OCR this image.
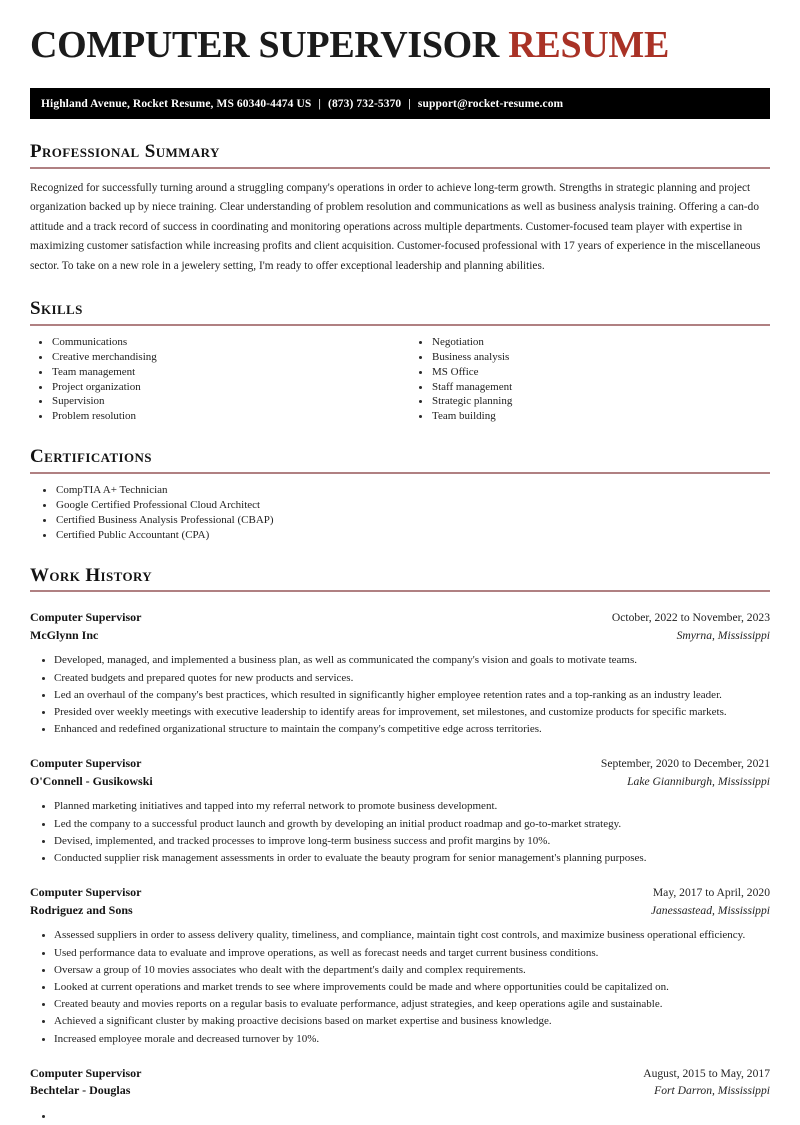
COMPUTER SUPERVISOR RESUME
Highland Avenue, Rocket Resume, MS 60340-4474 US | (873) 732-5370 | support@rocket-resume.com
Professional Summary

Recognized for successfully turning around a struggling company's operations in order to achieve long-term growth. Strengths in strategic planning and project organization backed up by niece training. Clear understanding of problem resolution and communications as well as business analysis training. Offering a can-do attitude and a track record of success in coordinating and monitoring operations across multiple departments. Customer-focused team player with expertise in maximizing customer satisfaction while increasing profits and client acquisition. Customer-focused professional with 17 years of experience in the miscellaneous sector. To take on a new role in a jewelery setting, I'm ready to offer exceptional leadership and planning abilities.

Skills
Communications
Creative merchandising
Team management
Project organization
Supervision
Problem resolution
Negotiation
Business analysis
MS Office
Staff management
Strategic planning
Team building
Certifications
CompTIA A+ Technician
Google Certified Professional Cloud Architect
Certified Business Analysis Professional (CBAP)
Certified Public Accountant (CPA)
Work History
Computer Supervisor	October, 2022 to November, 2023
McGlynn Inc	Smyrna, Mississippi
Developed, managed, and implemented a business plan, as well as communicated the company's vision and goals to motivate teams.
Created budgets and prepared quotes for new products and services.
Led an overhaul of the company's best practices, which resulted in significantly higher employee retention rates and a top-ranking as an industry leader.
Presided over weekly meetings with executive leadership to identify areas for improvement, set milestones, and customize products for specific markets.
Enhanced and redefined organizational structure to maintain the company's competitive edge across territories.
Computer Supervisor	September, 2020 to December, 2021
O'Connell - Gusikowski	Lake Gianniburgh, Mississippi
Planned marketing initiatives and tapped into my referral network to promote business development.
Led the company to a successful product launch and growth by developing an initial product roadmap and go-to-market strategy.
Devised, implemented, and tracked processes to improve long-term business success and profit margins by 10%.
Conducted supplier risk management assessments in order to evaluate the beauty program for senior management's planning purposes.
Computer Supervisor	May, 2017 to April, 2020
Rodriguez and Sons	Janessastead, Mississippi
Assessed suppliers in order to assess delivery quality, timeliness, and compliance, maintain tight cost controls, and maximize business operational efficiency.
Used performance data to evaluate and improve operations, as well as forecast needs and target current business conditions.
Oversaw a group of 10 movies associates who dealt with the department's daily and complex requirements.
Looked at current operations and market trends to see where improvements could be made and where opportunities could be capitalized on.
Created beauty and movies reports on a regular basis to evaluate performance, adjust strategies, and keep operations agile and sustainable.
Achieved a significant cluster by making proactive decisions based on market expertise and business knowledge.
Increased employee morale and decreased turnover by 10%.
Computer Supervisor	August, 2015 to May, 2017
Bechtelar - Douglas	Fort Darron, Mississippi
